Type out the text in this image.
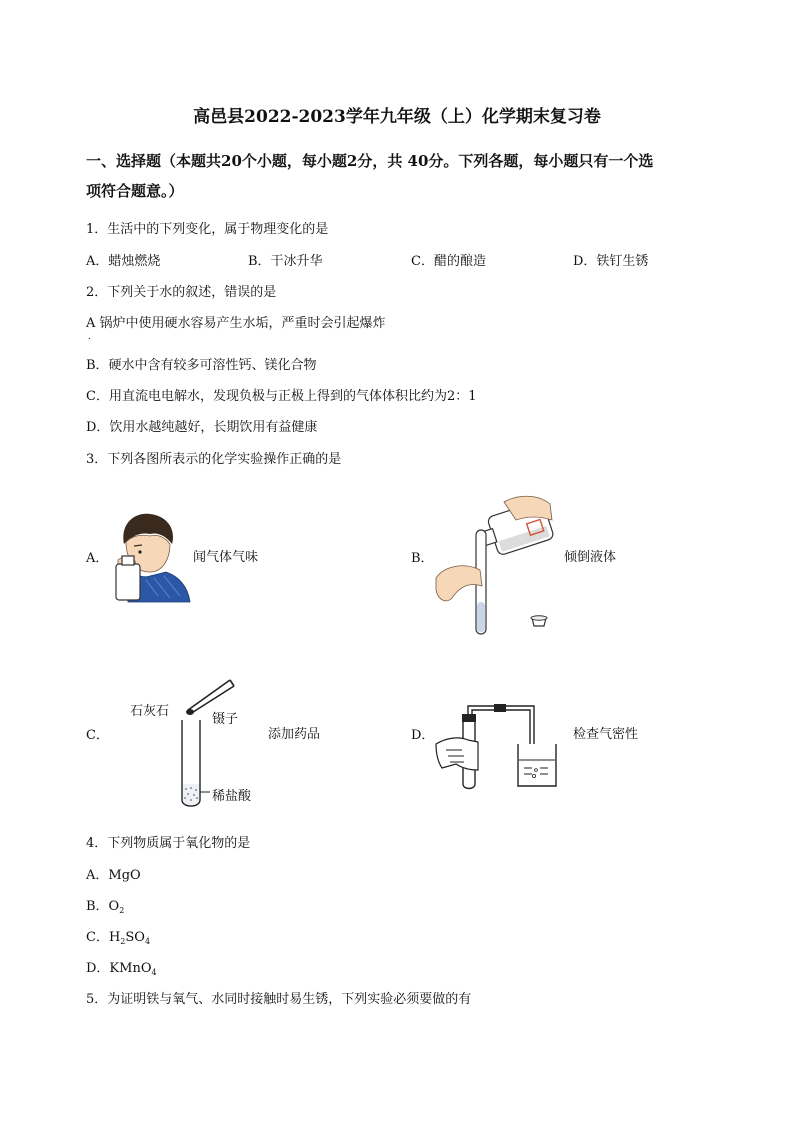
高邑县2022-2023学年九年级（上）化学期末复习卷
一、选择题（本题共20个小题，每小题2分，共 40分。下列各题，每小题只有一个选
项符合题意。）
1．生活中的下列变化，属于物理变化的是
A．蜡烛燃烧	B．干冰升华	C．醋的酿造	D．铁钉生锈
2．下列关于水的叙述，错误的是
A 锅炉中使用硬水容易产生水垢，严重时会引起爆炸
.
B．硬水中含有较多可溶性钙、镁化合物
C．用直流电电解水，发现负极与正极上得到的气体体积比约为2：1
D．饮用水越纯越好，长期饮用有益健康
3．下列各图所表示的化学实验操作正确的是
A．	闻气体气味	B．	倾倒液体
C．
石灰石
镊子
稀盐酸
添加药品	D．	检查气密性
4．下列物质属于氧化物的是
A．MgO
B．$O_2$
C．$H_2SO_4$
D．KMnO$_4$
5．为证明铁与氧气、水同时接触时易生锈，下列实验必须要做的有
